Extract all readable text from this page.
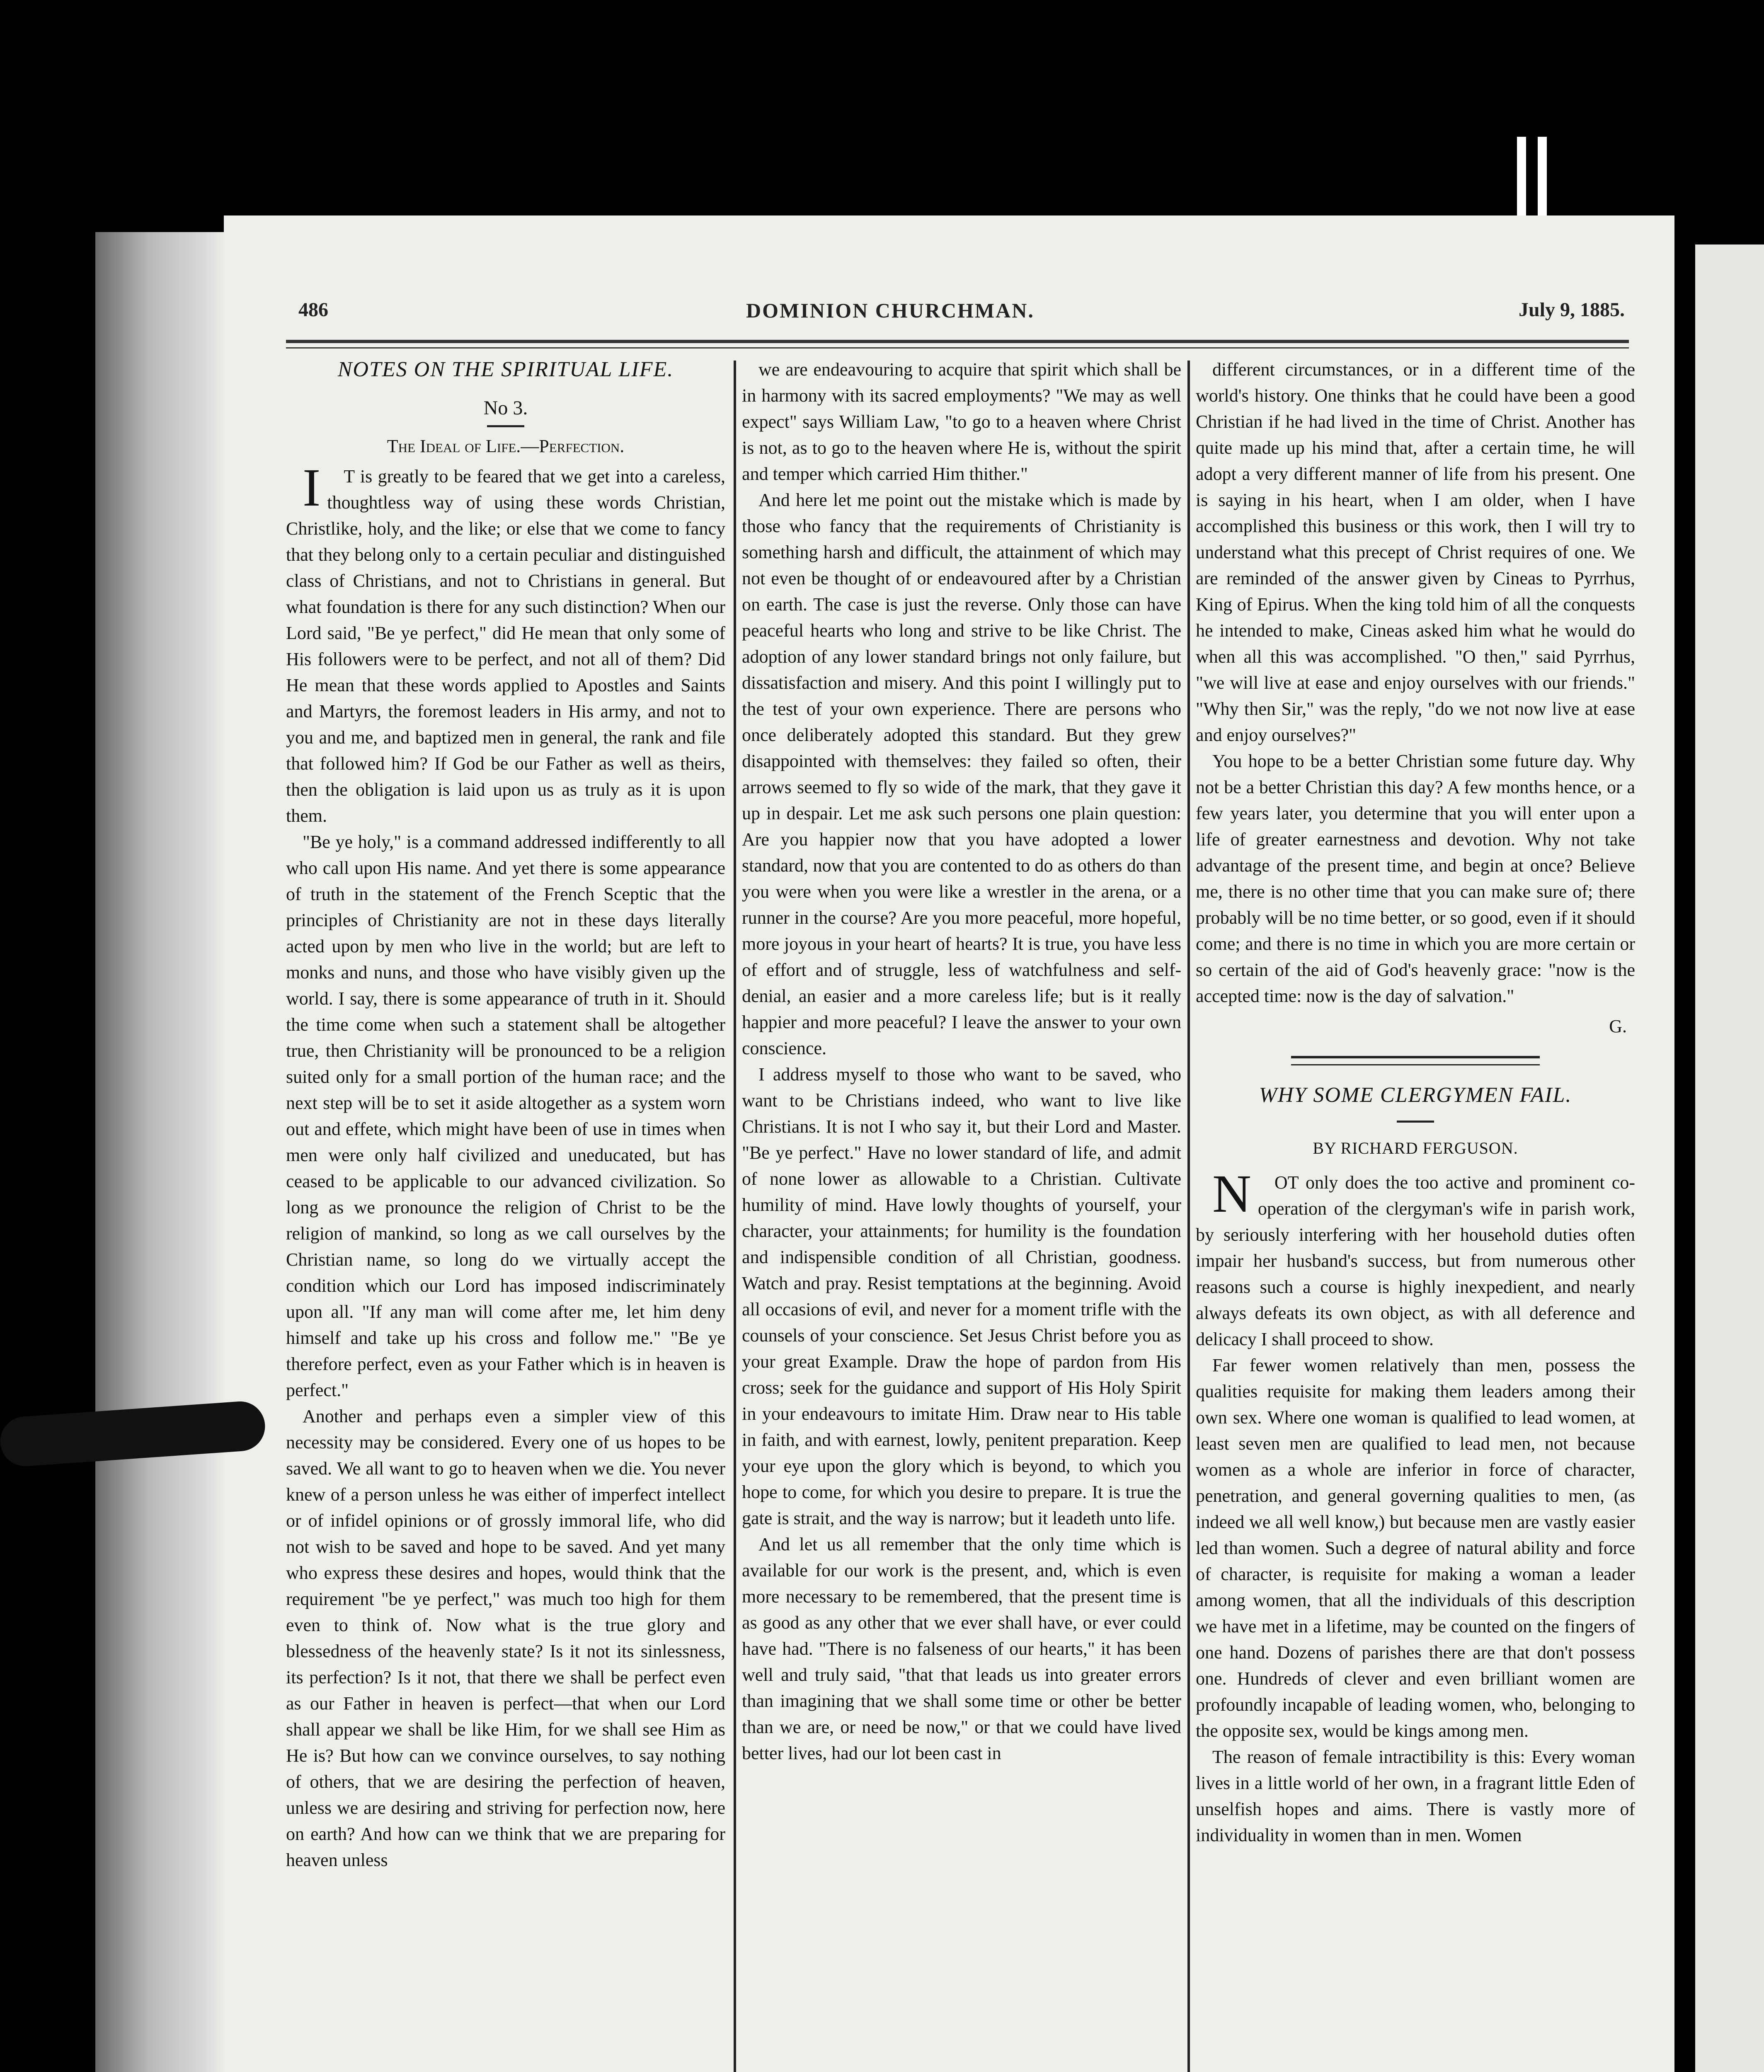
486	DOMINION CHURCHMAN.	July 9, 1885.
NOTES ON THE SPIRITUAL LIFE.
No 3.
The Ideal of Life.—Perfection.

I T is greatly to be feared that we get into a careless, thoughtless way of using these words Christian, Christlike, holy, and the like; or else that we come to fancy that they belong only to a certain peculiar and distinguished class of Christians, and not to Christians in general. But what foundation is there for any such distinction? When our Lord said, "Be ye perfect," did He mean that only some of His followers were to be perfect, and not all of them? Did He mean that these words applied to Apostles and Saints and Martyrs, the foremost leaders in His army, and not to you and me, and baptized men in general, the rank and file that followed him? If God be our Father as well as theirs, then the obligation is laid upon us as truly as it is upon them.

"Be ye holy," is a command addressed indifferently to all who call upon His name. And yet there is some appearance of truth in the statement of the French Sceptic that the principles of Christianity are not in these days literally acted upon by men who live in the world; but are left to monks and nuns, and those who have visibly given up the world. I say, there is some appearance of truth in it. Should the time come when such a statement shall be altogether true, then Christianity will be pronounced to be a religion suited only for a small portion of the human race; and the next step will be to set it aside altogether as a system worn out and effete, which might have been of use in times when men were only half civilized and uneducated, but has ceased to be applicable to our advanced civilization. So long as we pronounce the religion of Christ to be the religion of mankind, so long as we call ourselves by the Christian name, so long do we virtually accept the condition which our Lord has imposed indiscriminately upon all. "If any man will come after me, let him deny himself and take up his cross and follow me." "Be ye therefore perfect, even as your Father which is in heaven is perfect."

Another and perhaps even a simpler view of this necessity may be considered. Every one of us hopes to be saved. We all want to go to heaven when we die. You never knew of a person unless he was either of imperfect intellect or of infidel opinions or of grossly immoral life, who did not wish to be saved and hope to be saved. And yet many who express these desires and hopes, would think that the requirement "be ye perfect," was much too high for them even to think of. Now what is the true glory and blessedness of the heavenly state? Is it not its sinlessness, its perfection? Is it not, that there we shall be perfect even as our Father in heaven is perfect—that when our Lord shall appear we shall be like Him, for we shall see Him as He is? But how can we convince ourselves, to say nothing of others, that we are desiring the perfection of heaven, unless we are desiring and striving for perfection now, here on earth? And how can we think that we are preparing for heaven unless

we are endeavouring to acquire that spirit which shall be in harmony with its sacred employments? "We may as well expect" says William Law, "to go to a heaven where Christ is not, as to go to the heaven where He is, without the spirit and temper which carried Him thither."

And here let me point out the mistake which is made by those who fancy that the requirements of Christianity is something harsh and difficult, the attainment of which may not even be thought of or endeavoured after by a Christian on earth. The case is just the reverse. Only those can have peaceful hearts who long and strive to be like Christ. The adoption of any lower standard brings not only failure, but dissatisfaction and misery. And this point I willingly put to the test of your own experience. There are persons who once deliberately adopted this standard. But they grew disappointed with themselves: they failed so often, their arrows seemed to fly so wide of the mark, that they gave it up in despair. Let me ask such persons one plain question: Are you happier now that you have adopted a lower standard, now that you are contented to do as others do than you were when you were like a wrestler in the arena, or a runner in the course? Are you more peaceful, more hopeful, more joyous in your heart of hearts? It is true, you have less of effort and of struggle, less of watchfulness and self-denial, an easier and a more careless life; but is it really happier and more peaceful? I leave the answer to your own conscience.

I address myself to those who want to be saved, who want to be Christians indeed, who want to live like Christians. It is not I who say it, but their Lord and Master. "Be ye perfect." Have no lower standard of life, and admit of none lower as allowable to a Christian. Cultivate humility of mind. Have lowly thoughts of yourself, your character, your attainments; for humility is the foundation and indispensible condition of all Christian, goodness. Watch and pray. Resist temptations at the beginning. Avoid all occasions of evil, and never for a moment trifle with the counsels of your conscience. Set Jesus Christ before you as your great Example. Draw the hope of pardon from His cross; seek for the guidance and support of His Holy Spirit in your endeavours to imitate Him. Draw near to His table in faith, and with earnest, lowly, penitent preparation. Keep your eye upon the glory which is beyond, to which you hope to come, for which you desire to prepare. It is true the gate is strait, and the way is narrow; but it leadeth unto life.

And let us all remember that the only time which is available for our work is the present, and, which is even more necessary to be remembered, that the present time is as good as any other that we ever shall have, or ever could have had. "There is no falseness of our hearts," it has been well and truly said, "that that leads us into greater errors than imagining that we shall some time or other be better than we are, or need be now," or that we could have lived better lives, had our lot been cast in

different circumstances, or in a different time of the world's history. One thinks that he could have been a good Christian if he had lived in the time of Christ. Another has quite made up his mind that, after a certain time, he will adopt a very different manner of life from his present. One is saying in his heart, when I am older, when I have accomplished this business or this work, then I will try to understand what this precept of Christ requires of one. We are reminded of the answer given by Cineas to Pyrrhus, King of Epirus. When the king told him of all the conquests he intended to make, Cineas asked him what he would do when all this was accomplished. "O then," said Pyrrhus, "we will live at ease and enjoy ourselves with our friends." "Why then Sir," was the reply, "do we not now live at ease and enjoy ourselves?"

You hope to be a better Christian some future day. Why not be a better Christian this day? A few months hence, or a few years later, you determine that you will enter upon a life of greater earnestness and devotion. Why not take advantage of the present time, and begin at once? Believe me, there is no other time that you can make sure of; there probably will be no time better, or so good, even if it should come; and there is no time in which you are more certain or so certain of the aid of God's heavenly grace: "now is the accepted time: now is the day of salvation."

G.
WHY SOME CLERGYMEN FAIL.
BY RICHARD FERGUSON.

N OT only does the too active and prominent co-operation of the clergyman's wife in parish work, by seriously interfering with her household duties often impair her husband's success, but from numerous other reasons such a course is highly inexpedient, and nearly always defeats its own object, as with all deference and delicacy I shall proceed to show.

Far fewer women relatively than men, possess the qualities requisite for making them leaders among their own sex. Where one woman is qualified to lead women, at least seven men are qualified to lead men, not because women as a whole are inferior in force of character, penetration, and general governing qualities to men, (as indeed we all well know,) but because men are vastly easier led than women. Such a degree of natural ability and force of character, is requisite for making a woman a leader among women, that all the individuals of this description we have met in a lifetime, may be counted on the fingers of one hand. Dozens of parishes there are that don't possess one. Hundreds of clever and even brilliant women are profoundly incapable of leading women, who, belonging to the opposite sex, would be kings among men.

The reason of female intractibility is this: Every woman lives in a little world of her own, in a fragrant little Eden of unselfish hopes and aims. There is vastly more of individuality in women than in men. Women
